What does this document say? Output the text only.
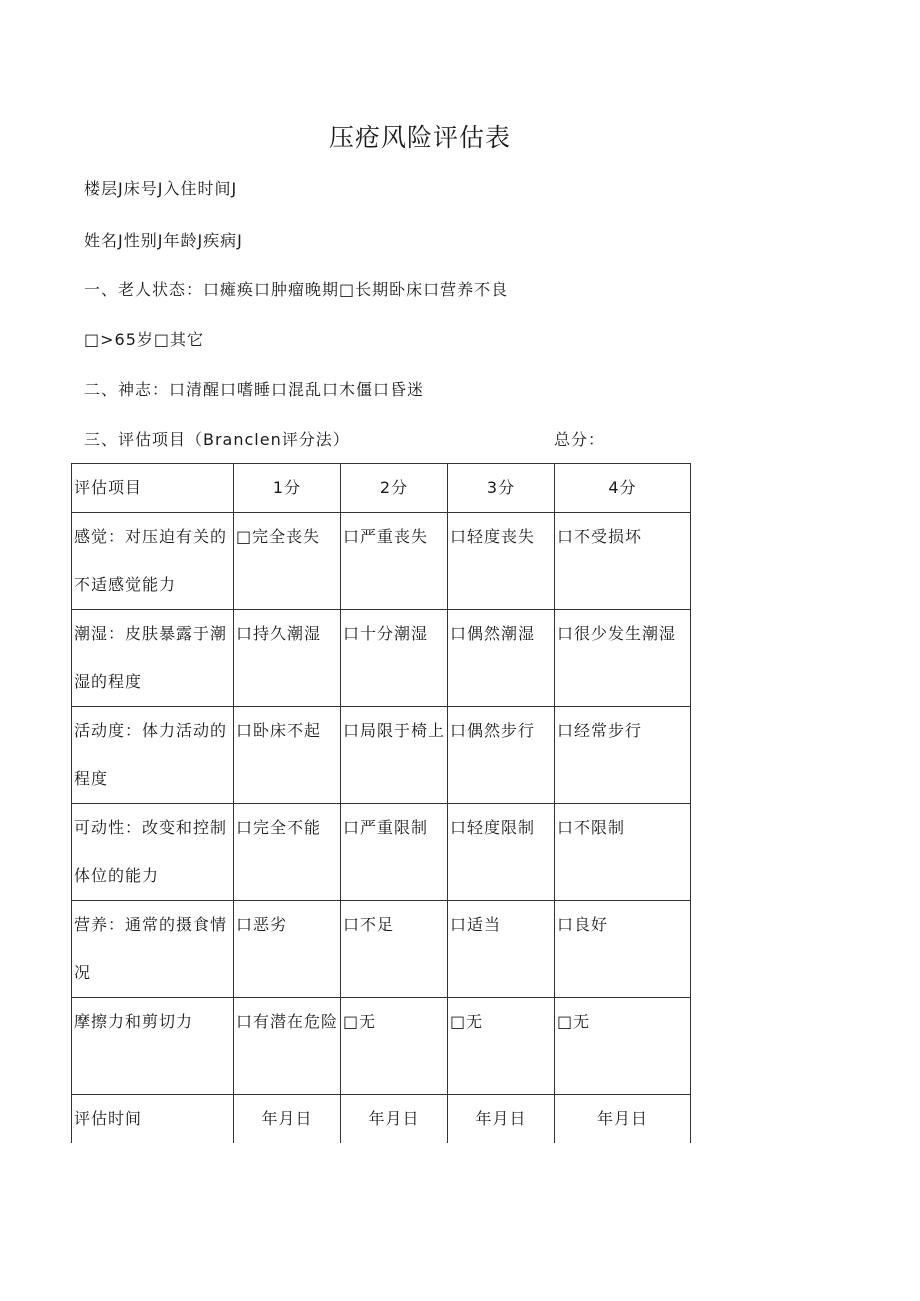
压疮风险评估表
楼层J床号J入住时间J
姓名J性别J年龄J疾病J
一、老人状态：口瘫痪口肿瘤晚期□长期卧床口营养不良
□>65岁□其它
二、神志：口清醒口嗜睡口混乱口木僵口昏迷
三、评估项目（Branclen评分法）	总分：
评估项目	1分	2分	3分	4分
感觉：对压迫有关的不适感觉能力	□完全丧失	口严重丧失	口轻度丧失	口不受损坏
潮湿：皮肤暴露于潮湿的程度	口持久潮湿	口十分潮湿	口偶然潮湿	口很少发生潮湿
活动度：体力活动的程度	口卧床不起	口局限于椅上	口偶然步行	口经常步行
可动性：改变和控制体位的能力	口完全不能	口严重限制	口轻度限制	口不限制
营养：通常的摄食情况	口恶劣	口不足	口适当	口良好
摩擦力和剪切力	口有潜在危险	□无	□无	□无
评估时间	年月日	年月日	年月日	年月日
